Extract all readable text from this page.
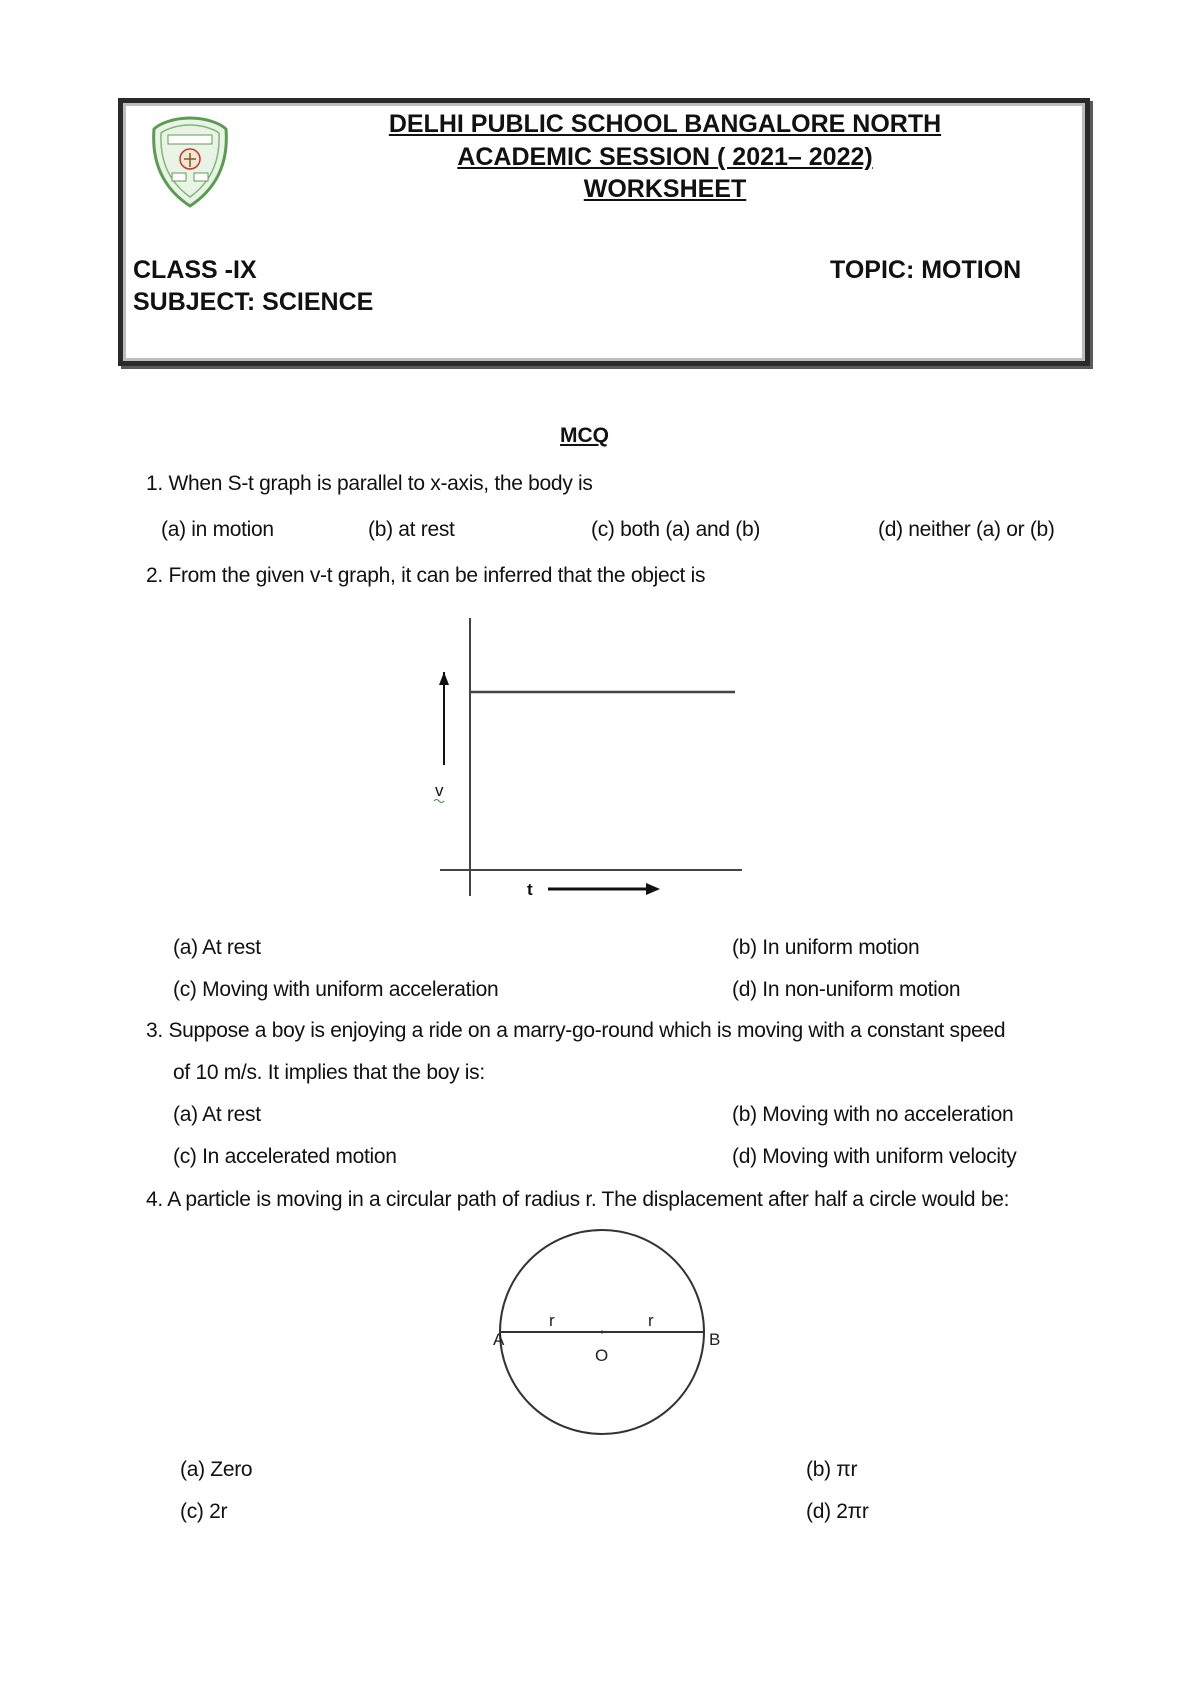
DELHI PUBLIC SCHOOL BANGALORE NORTH
ACADEMIC SESSION ( 2021– 2022)
WORKSHEET
CLASS -IX
SUBJECT: SCIENCE
TOPIC: MOTION
MCQ
1. When S-t graph is parallel to x-axis, the body is
(a) in motion	(b) at rest	(c) both (a) and (b)	(d) neither (a) or (b)
2. From the given v-t graph, it can be inferred that the object is
v
t
(a) At rest	(b) In uniform motion
(c) Moving with uniform acceleration	(d) In non-uniform motion
3. Suppose a boy is enjoying a ride on a marry-go-round which is moving with a constant speed
of 10 m/s. It implies that the boy is:
(a) At rest	(b) Moving with no acceleration
(c) In accelerated motion	(d) Moving with uniform velocity
4. A particle is moving in a circular path of radius r. The displacement after half a circle would be:
A	B
O
r	r
(a) Zero	(b) πr
(c) 2r	(d) 2πr
